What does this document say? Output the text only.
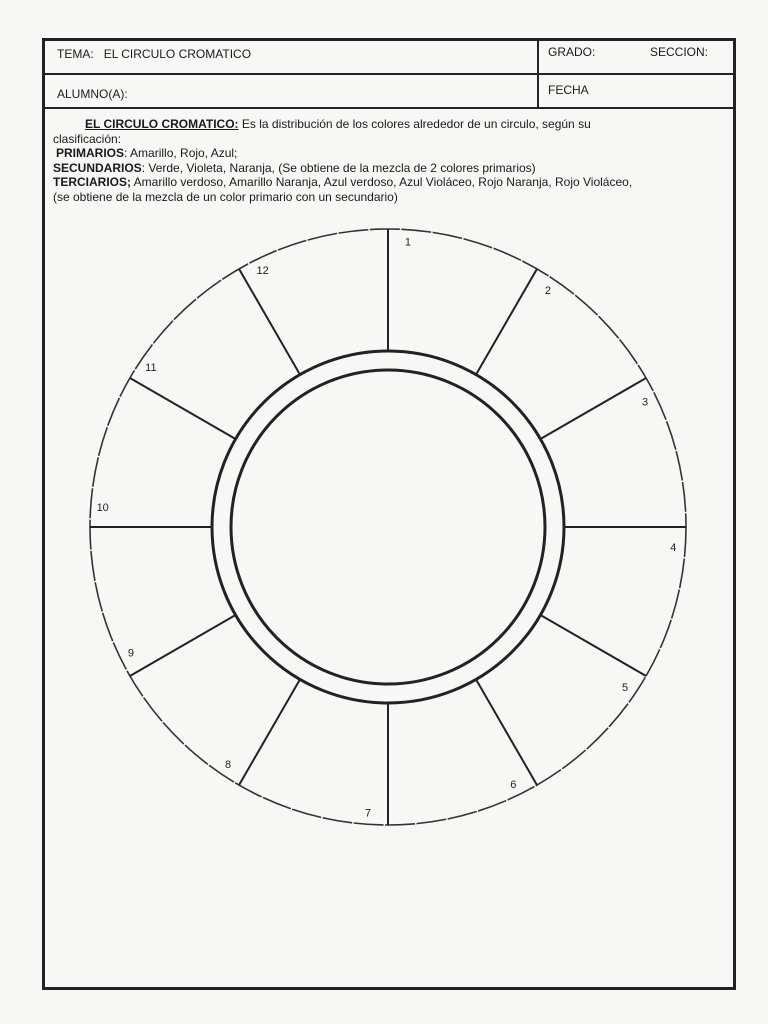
TEMA: EL CIRCULO CROMATICO	GRADO:	SECCION:
ALUMNO(A):	FECHA

EL CIRCULO CROMATICO: Es la distribución de los colores alrededor de un circulo, según su

clasificación:

PRIMARIOS: Amarillo, Rojo, Azul;

SECUNDARIOS: Verde, Violeta, Naranja, (Se obtiene de la mezcla de 2 colores primarios)

TERCIARIOS; Amarillo verdoso, Amarillo Naranja, Azul verdoso, Azul Violáceo, Rojo Naranja, Rojo Violáceo,

(se obtiene de la mezcla de un color primario con un secundario)

1
2
3
4
5
6
7
8
9
10
11
12
